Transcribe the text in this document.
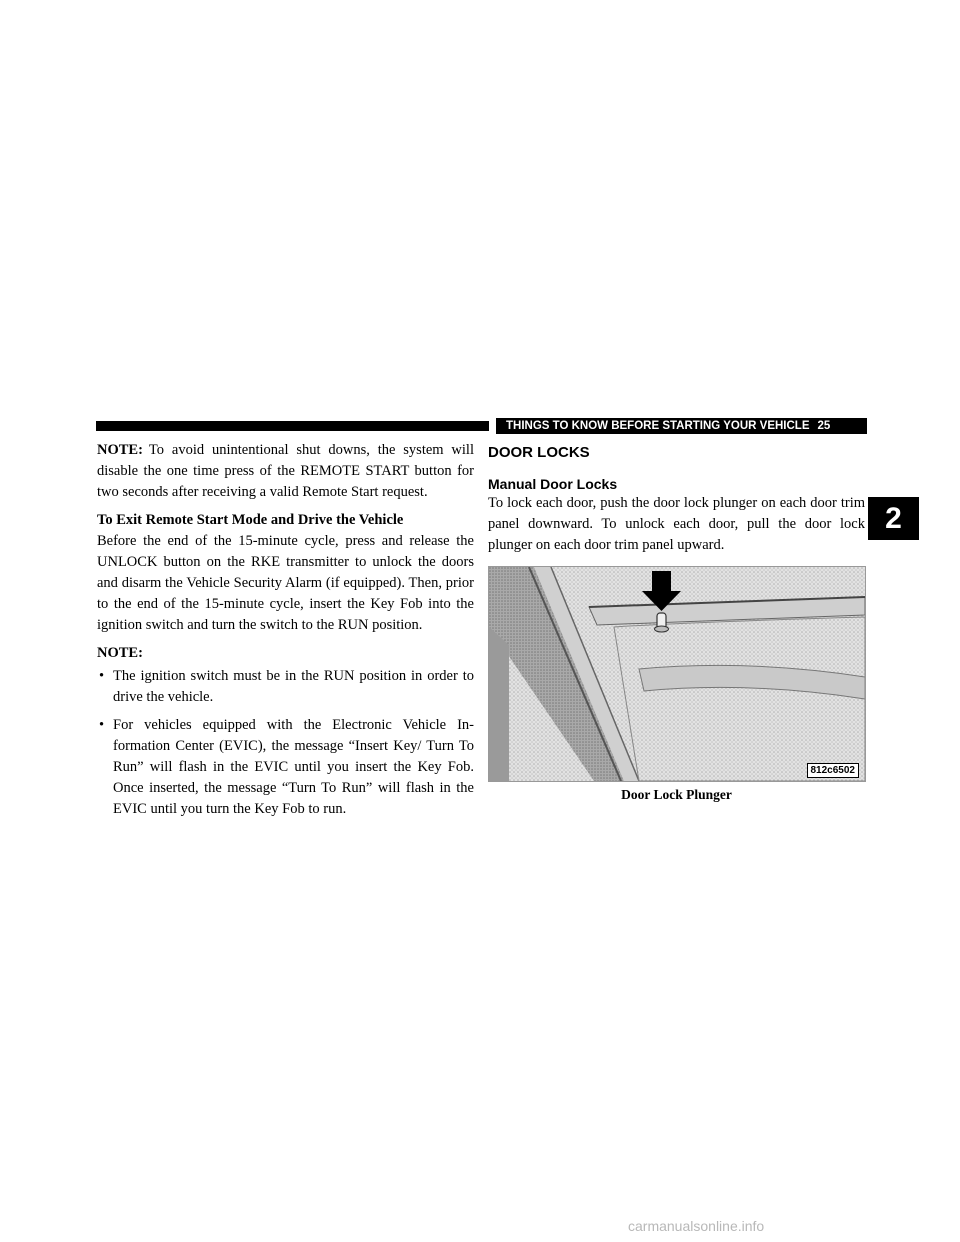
THINGS TO KNOW BEFORE STARTING YOUR VEHICLE 25
2

NOTE: To avoid unintentional shut downs, the system will disable the one time press of the REMOTE START button for two seconds after receiving a valid Remote Start request.

To Exit Remote Start Mode and Drive the Vehicle

Before the end of the 15-minute cycle, press and release the UNLOCK button on the RKE transmitter to unlock the doors and disarm the Vehicle Security Alarm (if equipped). Then, prior to the end of the 15-minute cycle, insert the Key Fob into the ignition switch and turn the switch to the RUN position.

NOTE:

• The ignition switch must be in the RUN position in order to drive the vehicle.
• For vehicles equipped with the Electronic Vehicle In-formation Center (EVIC), the message “Insert Key/ Turn To Run” will flash in the EVIC until you insert the Key Fob. Once inserted, the message “Turn To Run” will flash in the EVIC until you turn the Key Fob to run.
DOOR LOCKS
Manual Door Locks

To lock each door, push the door lock plunger on each door trim panel downward. To unlock each door, pull the door lock plunger on each door trim panel upward.

812c6502
Door Lock Plunger
carmanualsonline.info
